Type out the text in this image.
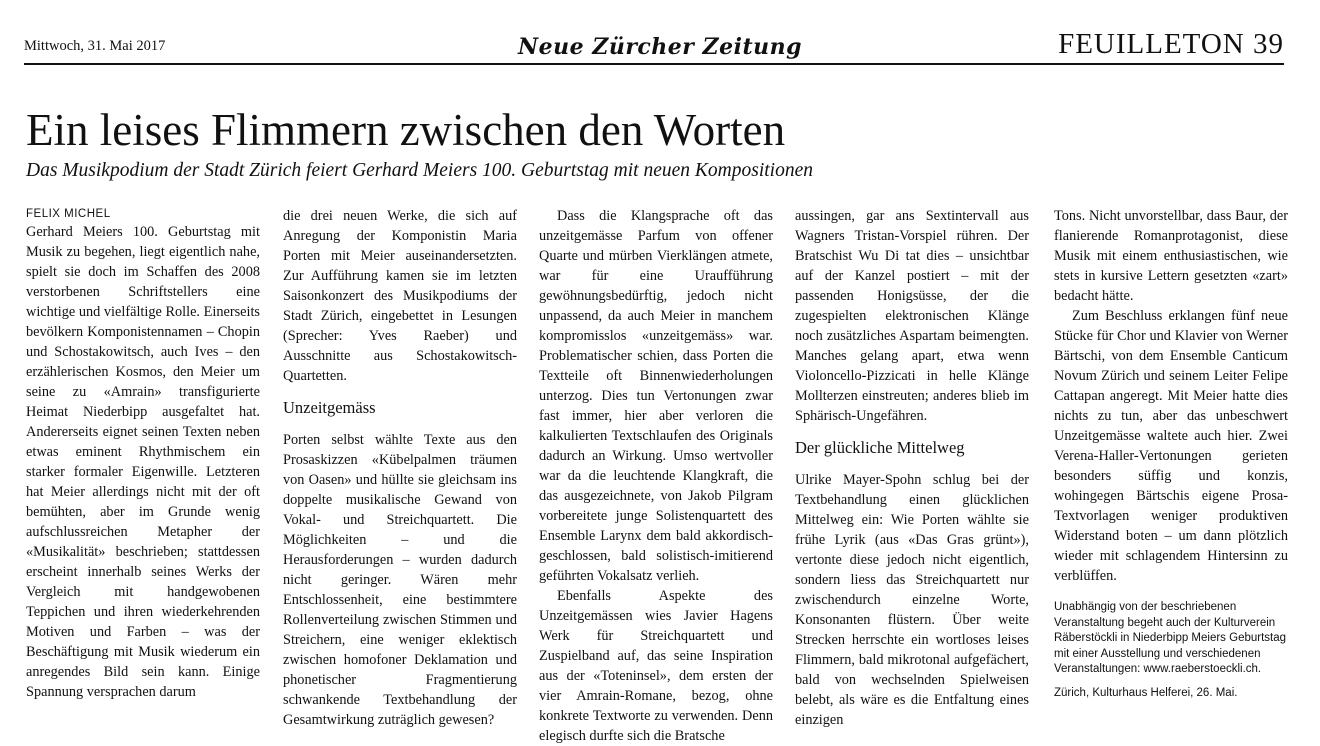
Mittwoch, 31. Mai 2017	Neue Zürcher Zeitung	FEUILLETON 39
Ein leises Flimmern zwischen den Worten
Das Musikpodium der Stadt Zürich feiert Gerhard Meiers 100. Geburtstag mit neuen Kompositionen

FELIX MICHEL

Gerhard Meiers 100. Geburtstag mit Musik zu begehen, liegt eigentlich nahe, spielt sie doch im Schaffen des 2008 verstorbenen Schriftstellers eine wichtige und vielfältige Rolle. Einerseits bevölkern Komponistennamen – Chopin und Schostakowitsch, auch Ives – den erzählerischen Kosmos, den Meier um seine zu «Amrain» transfigurierte Heimat Niederbipp ausgefaltet hat. Andererseits eignet seinen Texten neben etwas eminent Rhythmischem ein starker formaler Eigenwille. Letzteren hat Meier allerdings nicht mit der oft bemühten, aber im Grunde wenig aufschlussreichen Metapher der «Musikalität» beschrieben; stattdessen erscheint innerhalb seines Werks der Vergleich mit handgewobenen Teppichen und ihren wiederkehrenden Motiven und Farben – was der Beschäftigung mit Musik wiederum ein anregendes Bild sein kann. Einige Spannung versprachen darum

die drei neuen Werke, die sich auf Anregung der Komponistin Maria Porten mit Meier auseinandersetzten. Zur Aufführung kamen sie im letzten Saisonkonzert des Musikpodiums der Stadt Zürich, eingebettet in Lesungen (Sprecher: Yves Raeber) und Ausschnitte aus Schostakowitsch-Quartetten.

Unzeitgemäss

Porten selbst wählte Texte aus den Prosaskizzen «Kübelpalmen träumen von Oasen» und hüllte sie gleichsam ins doppelte musikalische Gewand von Vokal- und Streichquartett. Die Möglichkeiten – und die Herausforderungen – wurden dadurch nicht geringer. Wären mehr Entschlossenheit, eine bestimmtere Rollenverteilung zwischen Stimmen und Streichern, eine weniger eklektisch zwischen homofoner Deklamation und phonetischer Fragmentierung schwankende Textbehandlung der Gesamtwirkung zuträglich gewesen?

Dass die Klangsprache oft das unzeitgemässe Parfum von offener Quarte und mürben Vierklängen atmete, war für eine Uraufführung gewöhnungsbedürftig, jedoch nicht unpassend, da auch Meier in manchem kompromisslos «unzeitgemäss» war. Problematischer schien, dass Porten die Textteile oft Binnenwiederholungen unterzog. Dies tun Vertonungen zwar fast immer, hier aber verloren die kalkulierten Textschlaufen des Originals dadurch an Wirkung. Umso wertvoller war da die leuchtende Klangkraft, die das ausgezeichnete, von Jakob Pilgram vorbereitete junge Solistenquartett des Ensemble Larynx dem bald akkordisch-geschlossen, bald solistisch-imitierend geführten Vokalsatz verlieh.

Ebenfalls Aspekte des Unzeitgemässen wies Javier Hagens Werk für Streichquartett und Zuspielband auf, das seine Inspiration aus der «Toteninsel», dem ersten der vier Amrain-Romane, bezog, ohne konkrete Textworte zu verwenden. Denn elegisch durfte sich die Bratsche

aussingen, gar ans Sextintervall aus Wagners Tristan-Vorspiel rühren. Der Bratschist Wu Di tat dies – unsichtbar auf der Kanzel postiert – mit der passenden Honigsüsse, der die zugespielten elektronischen Klänge noch zusätzliches Aspartam beimengten. Manches gelang apart, etwa wenn Violoncello-Pizzicati in helle Klänge Mollterzen einstreuten; anderes blieb im Sphärisch-Ungefähren.

Der glückliche Mittelweg

Ulrike Mayer-Spohn schlug bei der Textbehandlung einen glücklichen Mittelweg ein: Wie Porten wählte sie frühe Lyrik (aus «Das Gras grünt»), vertonte diese jedoch nicht eigentlich, sondern liess das Streichquartett nur zwischendurch einzelne Worte, Konsonanten flüstern. Über weite Strecken herrschte ein wortloses leises Flimmern, bald mikrotonal aufgefächert, bald von wechselnden Spielweisen belebt, als wäre es die Entfaltung eines einzigen

Tons. Nicht unvorstellbar, dass Baur, der flanierende Romanprotagonist, diese Musik mit einem enthusiastischen, wie stets in kursive Lettern gesetzten «zart» bedacht hätte.

Zum Beschluss erklangen fünf neue Stücke für Chor und Klavier von Werner Bärtschi, von dem Ensemble Canticum Novum Zürich und seinem Leiter Felipe Cattapan angeregt. Mit Meier hatte dies nichts zu tun, aber das unbeschwert Unzeitgemässe waltete auch hier. Zwei Verena-Haller-Vertonungen gerieten besonders süffig und konzis, wohingegen Bärtschis eigene Prosa-Textvorlagen weniger produktiven Widerstand boten – um dann plötzlich wieder mit schlagendem Hintersinn zu verblüffen.

Unabhängig von der beschriebenen Veranstaltung begeht auch der Kulturverein Räberstöckli in Niederbipp Meiers Geburtstag mit einer Ausstellung und verschiedenen Veranstaltungen: www.raeberstoeckli.ch.

Zürich, Kulturhaus Helferei, 26. Mai.
